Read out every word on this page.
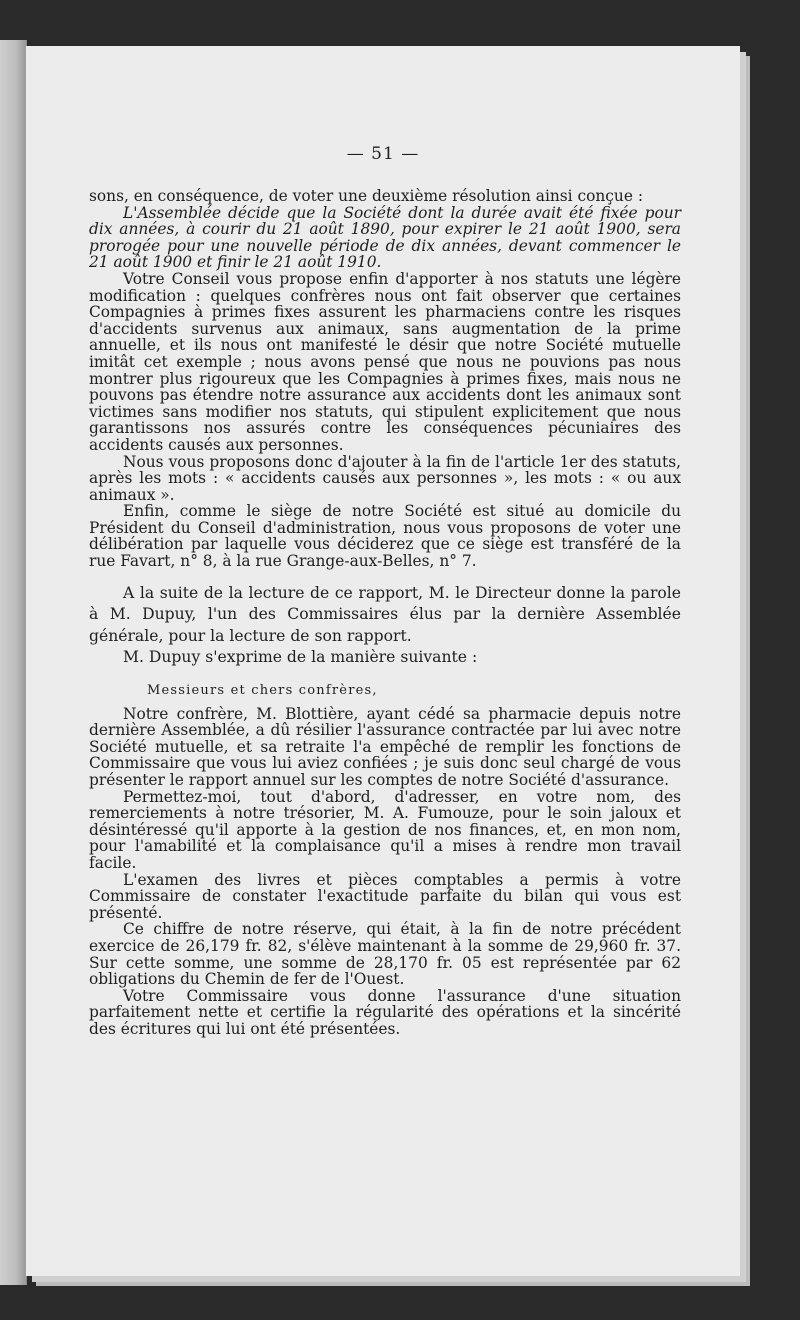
— 51 —

sons, en conséquence, de voter une deuxième résolution ainsi conçue :

L'Assemblée décide que la Société dont la durée avait été fixée pour dix années, à courir du 21 août 1890, pour expirer le 21 août 1900, sera prorogée pour une nouvelle période de dix années, devant commencer le 21 août 1900 et finir le 21 août 1910.

Votre Conseil vous propose enfin d'apporter à nos statuts une légère modification : quelques confrères nous ont fait observer que certaines Compagnies à primes fixes assurent les pharmaciens contre les risques d'accidents survenus aux animaux, sans augmentation de la prime annuelle, et ils nous ont manifesté le désir que notre Société mutuelle imitât cet exemple ; nous avons pensé que nous ne pouvions pas nous montrer plus rigoureux que les Compagnies à primes fixes, mais nous ne pouvons pas étendre notre assurance aux accidents dont les animaux sont victimes sans modifier nos statuts, qui stipulent explicitement que nous garantissons nos assurés contre les conséquences pécuniaires des accidents causés aux personnes.

Nous vous proposons donc d'ajouter à la fin de l'article 1er des statuts, après les mots : « accidents causés aux personnes », les mots : « ou aux animaux ».

Enfin, comme le siège de notre Société est situé au domicile du Président du Conseil d'administration, nous vous proposons de voter une délibération par laquelle vous déciderez que ce siège est transféré de la rue Favart, n° 8, à la rue Grange-aux-Belles, n° 7.

A la suite de la lecture de ce rapport, M. le Directeur donne la parole à M. Dupuy, l'un des Commissaires élus par la dernière Assemblée générale, pour la lecture de son rapport.

M. Dupuy s'exprime de la manière suivante :

Messieurs et chers confrères,

Notre confrère, M. Blottière, ayant cédé sa pharmacie depuis notre dernière Assemblée, a dû résilier l'assurance contractée par lui avec notre Société mutuelle, et sa retraite l'a empêché de remplir les fonctions de Commissaire que vous lui aviez confiées ; je suis donc seul chargé de vous présenter le rapport annuel sur les comptes de notre Société d'assurance.

Permettez-moi, tout d'abord, d'adresser, en votre nom, des remerciements à notre trésorier, M. A. Fumouze, pour le soin jaloux et désintéressé qu'il apporte à la gestion de nos finances, et, en mon nom, pour l'amabilité et la complaisance qu'il a mises à rendre mon travail facile.

L'examen des livres et pièces comptables a permis à votre Commissaire de constater l'exactitude parfaite du bilan qui vous est présenté.

Ce chiffre de notre réserve, qui était, à la fin de notre précédent exercice de 26,179 fr. 82, s'élève maintenant à la somme de 29,960 fr. 37. Sur cette somme, une somme de 28,170 fr. 05 est représentée par 62 obligations du Chemin de fer de l'Ouest.

Votre Commissaire vous donne l'assurance d'une situation parfaitement nette et certifie la régularité des opérations et la sincérité des écritures qui lui ont été présentées.
